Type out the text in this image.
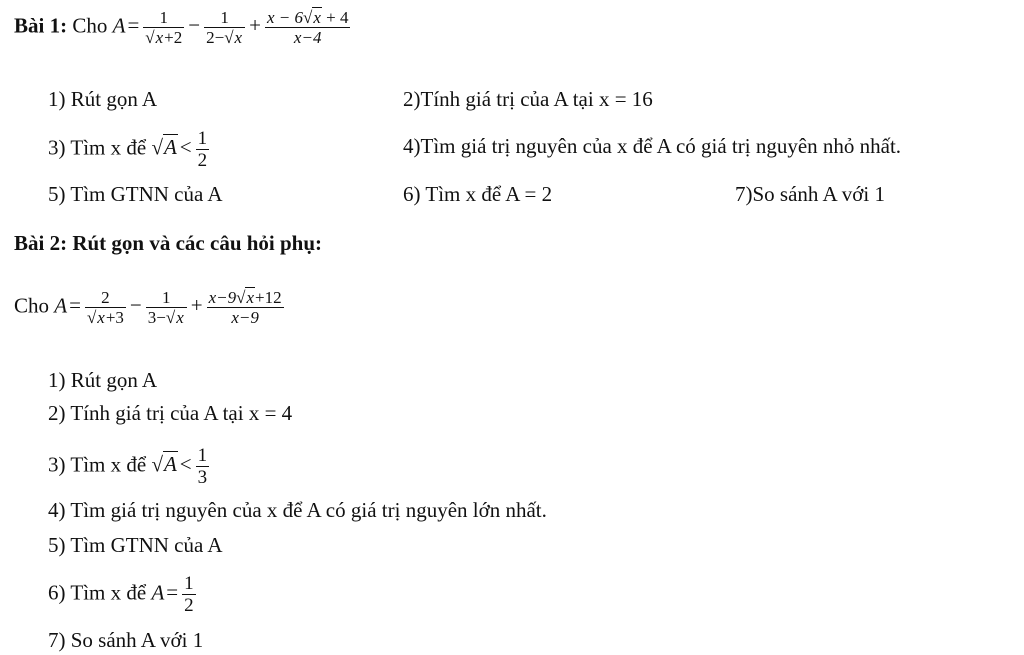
Bài 1: Cho $A= \frac{1}{√x+2} - \frac{1}{2-√x} + \frac{x - 6√x + 4}{x-4}$
1) Rút gọn A	2)Tính giá trị của A tại x = 16
3) Tìm x để $√A < \frac{1}{2}$	4)Tìm giá trị nguyên của x để A có giá trị nguyên nhỏ nhất.
5) Tìm GTNN của A	6) Tìm x để A = 2	7)So sánh A với 1
Bài 2: Rút gọn và các câu hỏi phụ:
Cho $A= \frac{2}{√x+3} - \frac{1}{3-√x} + \frac{x-9√x+12}{x-9}$
1) Rút gọn A
2) Tính giá trị của A tại x = 4
3) Tìm x để $√A < \frac{1}{3}$
4) Tìm giá trị nguyên của x để A có giá trị nguyên lớn nhất.
5) Tìm GTNN của A
6) Tìm x để $A= \frac{1}{2}$
7) So sánh A với 1
